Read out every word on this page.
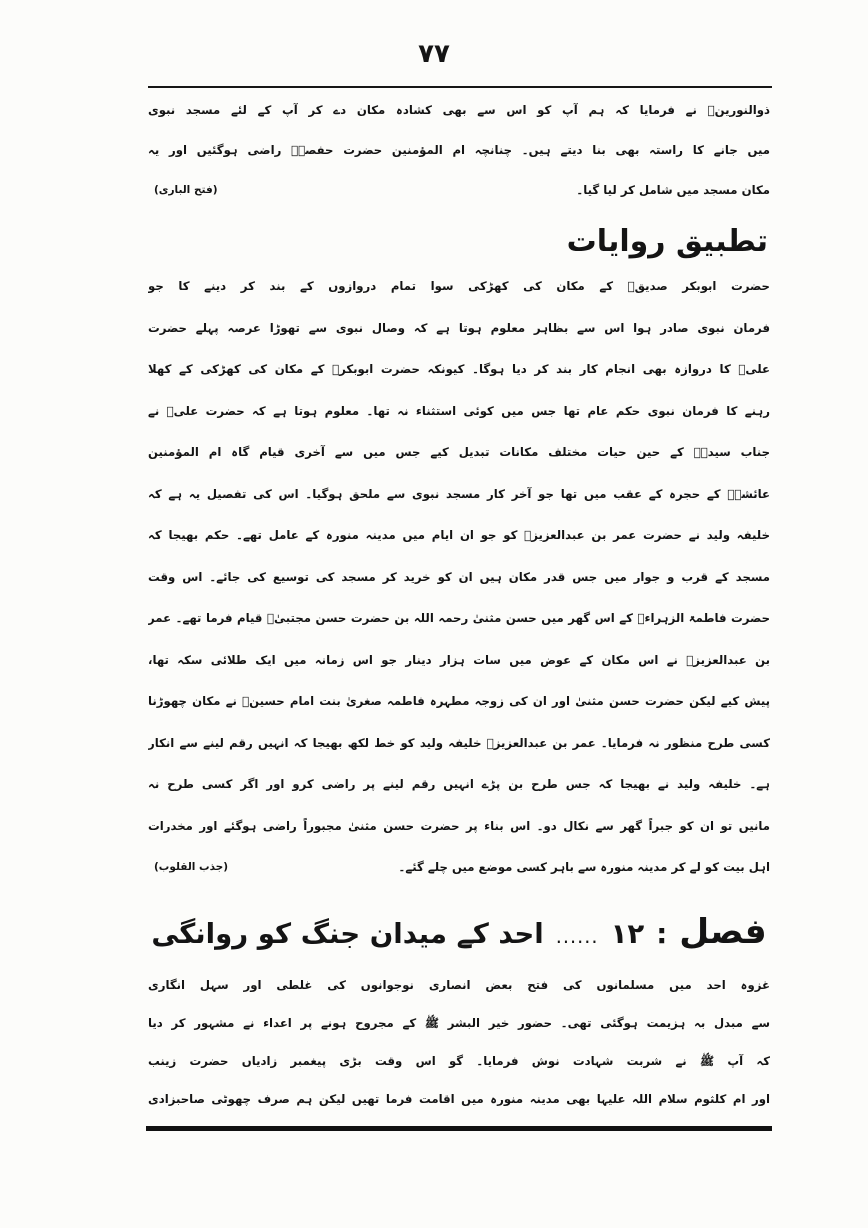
۷۷
ذوالنورینؓ نے فرمایا کہ ہم آپ کو اس سے بھی کشادہ مکان دے کر آپ کے لئے مسجد نبوی
میں جانے کا راستہ بھی بنا دیتے ہیں۔ چنانچہ ام المؤمنین حضرت حفصہؓ راضی ہوگئیں اور یہ
مکان مسجد میں شامل کر لیا گیا۔
(فتح الباری)
تطبیق روایات
حضرت ابوبکر صدیقؓ کے مکان کی کھڑکی سوا تمام دروازوں کے بند کر دینے کا جو
فرمان نبوی صادر ہوا اس سے بظاہر معلوم ہوتا ہے کہ وصال نبوی سے تھوڑا عرصہ پہلے حضرت
علیؓ کا دروازہ بھی انجام کار بند کر دیا ہوگا۔ کیونکہ حضرت ابوبکرؓ کے مکان کی کھڑکی کے کھلا
رہنے کا فرمان نبوی حکم عام تھا جس میں کوئی استثناء نہ تھا۔ معلوم ہوتا ہے کہ حضرت علیؓ نے
جناب سیدہؓ کے حین حیات مختلف مکانات تبدیل کیے جس میں سے آخری قیام گاہ ام المؤمنین
عائشہؓ کے حجرہ کے عقب میں تھا جو آخر کار مسجد نبوی سے ملحق ہوگیا۔ اس کی تفصیل یہ ہے کہ
خلیفہ ولید نے حضرت عمر بن عبدالعزیزؒ کو جو ان ایام میں مدینہ منورہ کے عامل تھے۔ حکم بھیجا کہ
مسجد کے قرب و جوار میں جس قدر مکان ہیں ان کو خرید کر مسجد کی توسیع کی جائے۔ اس وقت
حضرت فاطمۃ الزہراءؓ کے اس گھر میں حسن مثنیٰ رحمہ اللہ بن حضرت حسن مجتبیٰؓ قیام فرما تھے۔ عمر
بن عبدالعزیزؒ نے اس مکان کے عوض میں سات ہزار دینار جو اس زمانہ میں ایک طلائی سکہ تھا،
پیش کیے لیکن حضرت حسن مثنیٰ اور ان کی زوجہ مطہرہ فاطمہ صغریٰ بنت امام حسینؓ نے مکان چھوڑنا
کسی طرح منظور نہ فرمایا۔ عمر بن عبدالعزیزؒ خلیفہ ولید کو خط لکھ بھیجا کہ انہیں رقم لینے سے انکار
ہے۔ خلیفہ ولید نے بھیجا کہ جس طرح بن پڑے انہیں رقم لینے پر راضی کرو اور اگر کسی طرح نہ
مانیں تو ان کو جبراً گھر سے نکال دو۔ اس بناء پر حضرت حسن مثنیٰ مجبوراً راضی ہوگئے اور مخدرات
اہل بیت کو لے کر مدینہ منورہ سے باہر کسی موضع میں چلے گئے۔
(جذب القلوب)
فصل
:
۱۲
......
احد کے میدان جنگ کو روانگی
غزوہ احد میں مسلمانوں کی فتح بعض انصاری نوجوانوں کی غلطی اور سہل انگاری
سے مبدل بہ ہزیمت ہوگئی تھی۔ حضور خیر البشر ﷺ کے مجروح ہونے پر اعداء نے مشہور کر دیا
کہ آپ ﷺ نے شربت شہادت نوش فرمایا۔ گو اس وقت بڑی پیغمبر زادیاں حضرت زینب
اور ام کلثوم سلام اللہ علیہا بھی مدینہ منورہ میں اقامت فرما تھیں لیکن ہم صرف چھوٹی صاحبزادی
